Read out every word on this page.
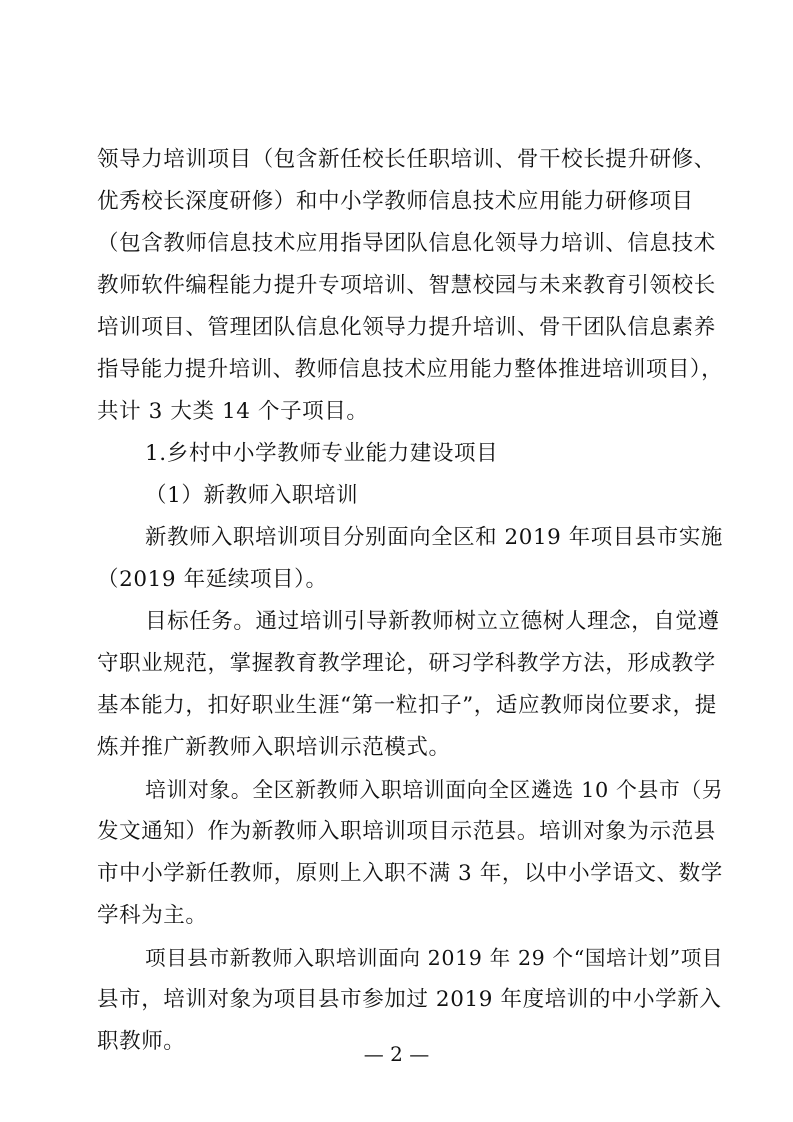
领导力培训项目（包含新任校长任职培训、骨干校长提升研修、
优秀校长深度研修）和中小学教师信息技术应用能力研修项目
（包含教师信息技术应用指导团队信息化领导力培训、信息技术
教师软件编程能力提升专项培训、智慧校园与未来教育引领校长
培训项目、管理团队信息化领导力提升培训、骨干团队信息素养
指导能力提升培训、教师信息技术应用能力整体推进培训项目），
共计 3 大类 14 个子项目。
1.乡村中小学教师专业能力建设项目
（1）新教师入职培训
新教师入职培训项目分别面向全区和 2019 年项目县市实施
（2019 年延续项目）。
目标任务。通过培训引导新教师树立立德树人理念，自觉遵
守职业规范，掌握教育教学理论，研习学科教学方法，形成教学
基本能力，扣好职业生涯“第一粒扣子”，适应教师岗位要求，提
炼并推广新教师入职培训示范模式。
培训对象。全区新教师入职培训面向全区遴选 10 个县市（另
发文通知）作为新教师入职培训项目示范县。培训对象为示范县
市中小学新任教师，原则上入职不满 3 年，以中小学语文、数学
学科为主。
项目县市新教师入职培训面向 2019 年 29 个“国培计划”项目
县市，培训对象为项目县市参加过 2019 年度培训的中小学新入
职教师。	— 2 —
